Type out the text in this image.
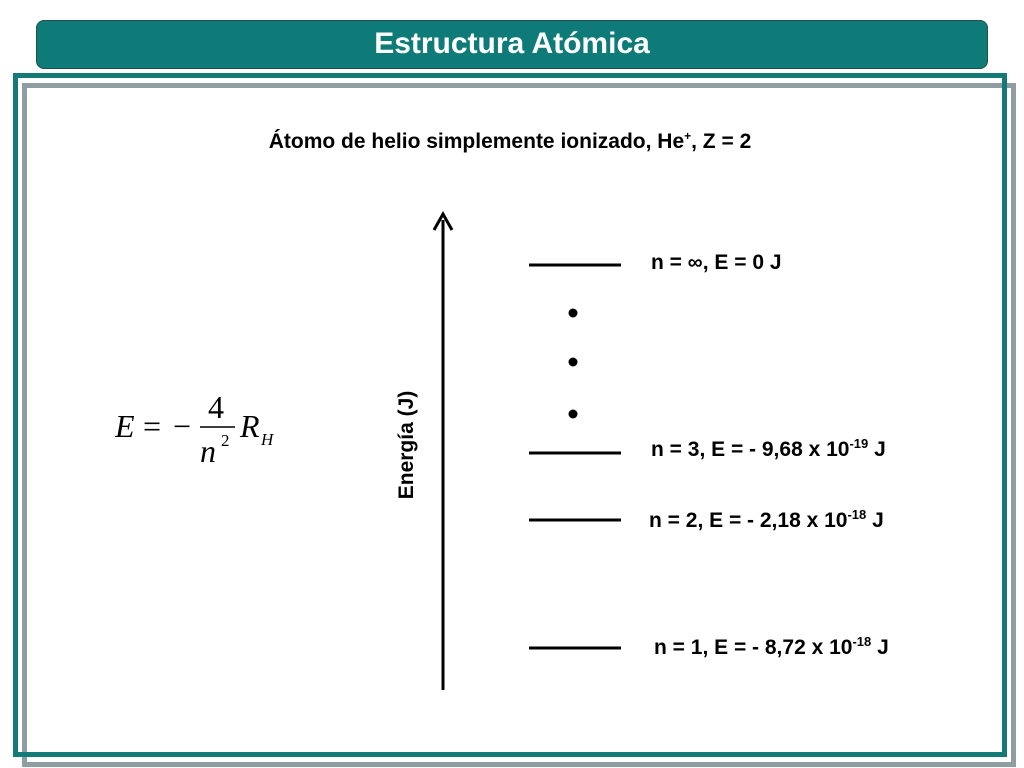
Estructura Atómica
Átomo de helio simplemente ionizado, He+, Z = 2
Energía (J)
n = ∞, E = 0 J
n = 3, E = - 9,68 x $10^{-19}$ J
n = 2, E = - 2,18 x $10^{-18}$ J
n = 1, E = - 8,72 x $10^{-18}$ J
E = −
4
n 2 R H
